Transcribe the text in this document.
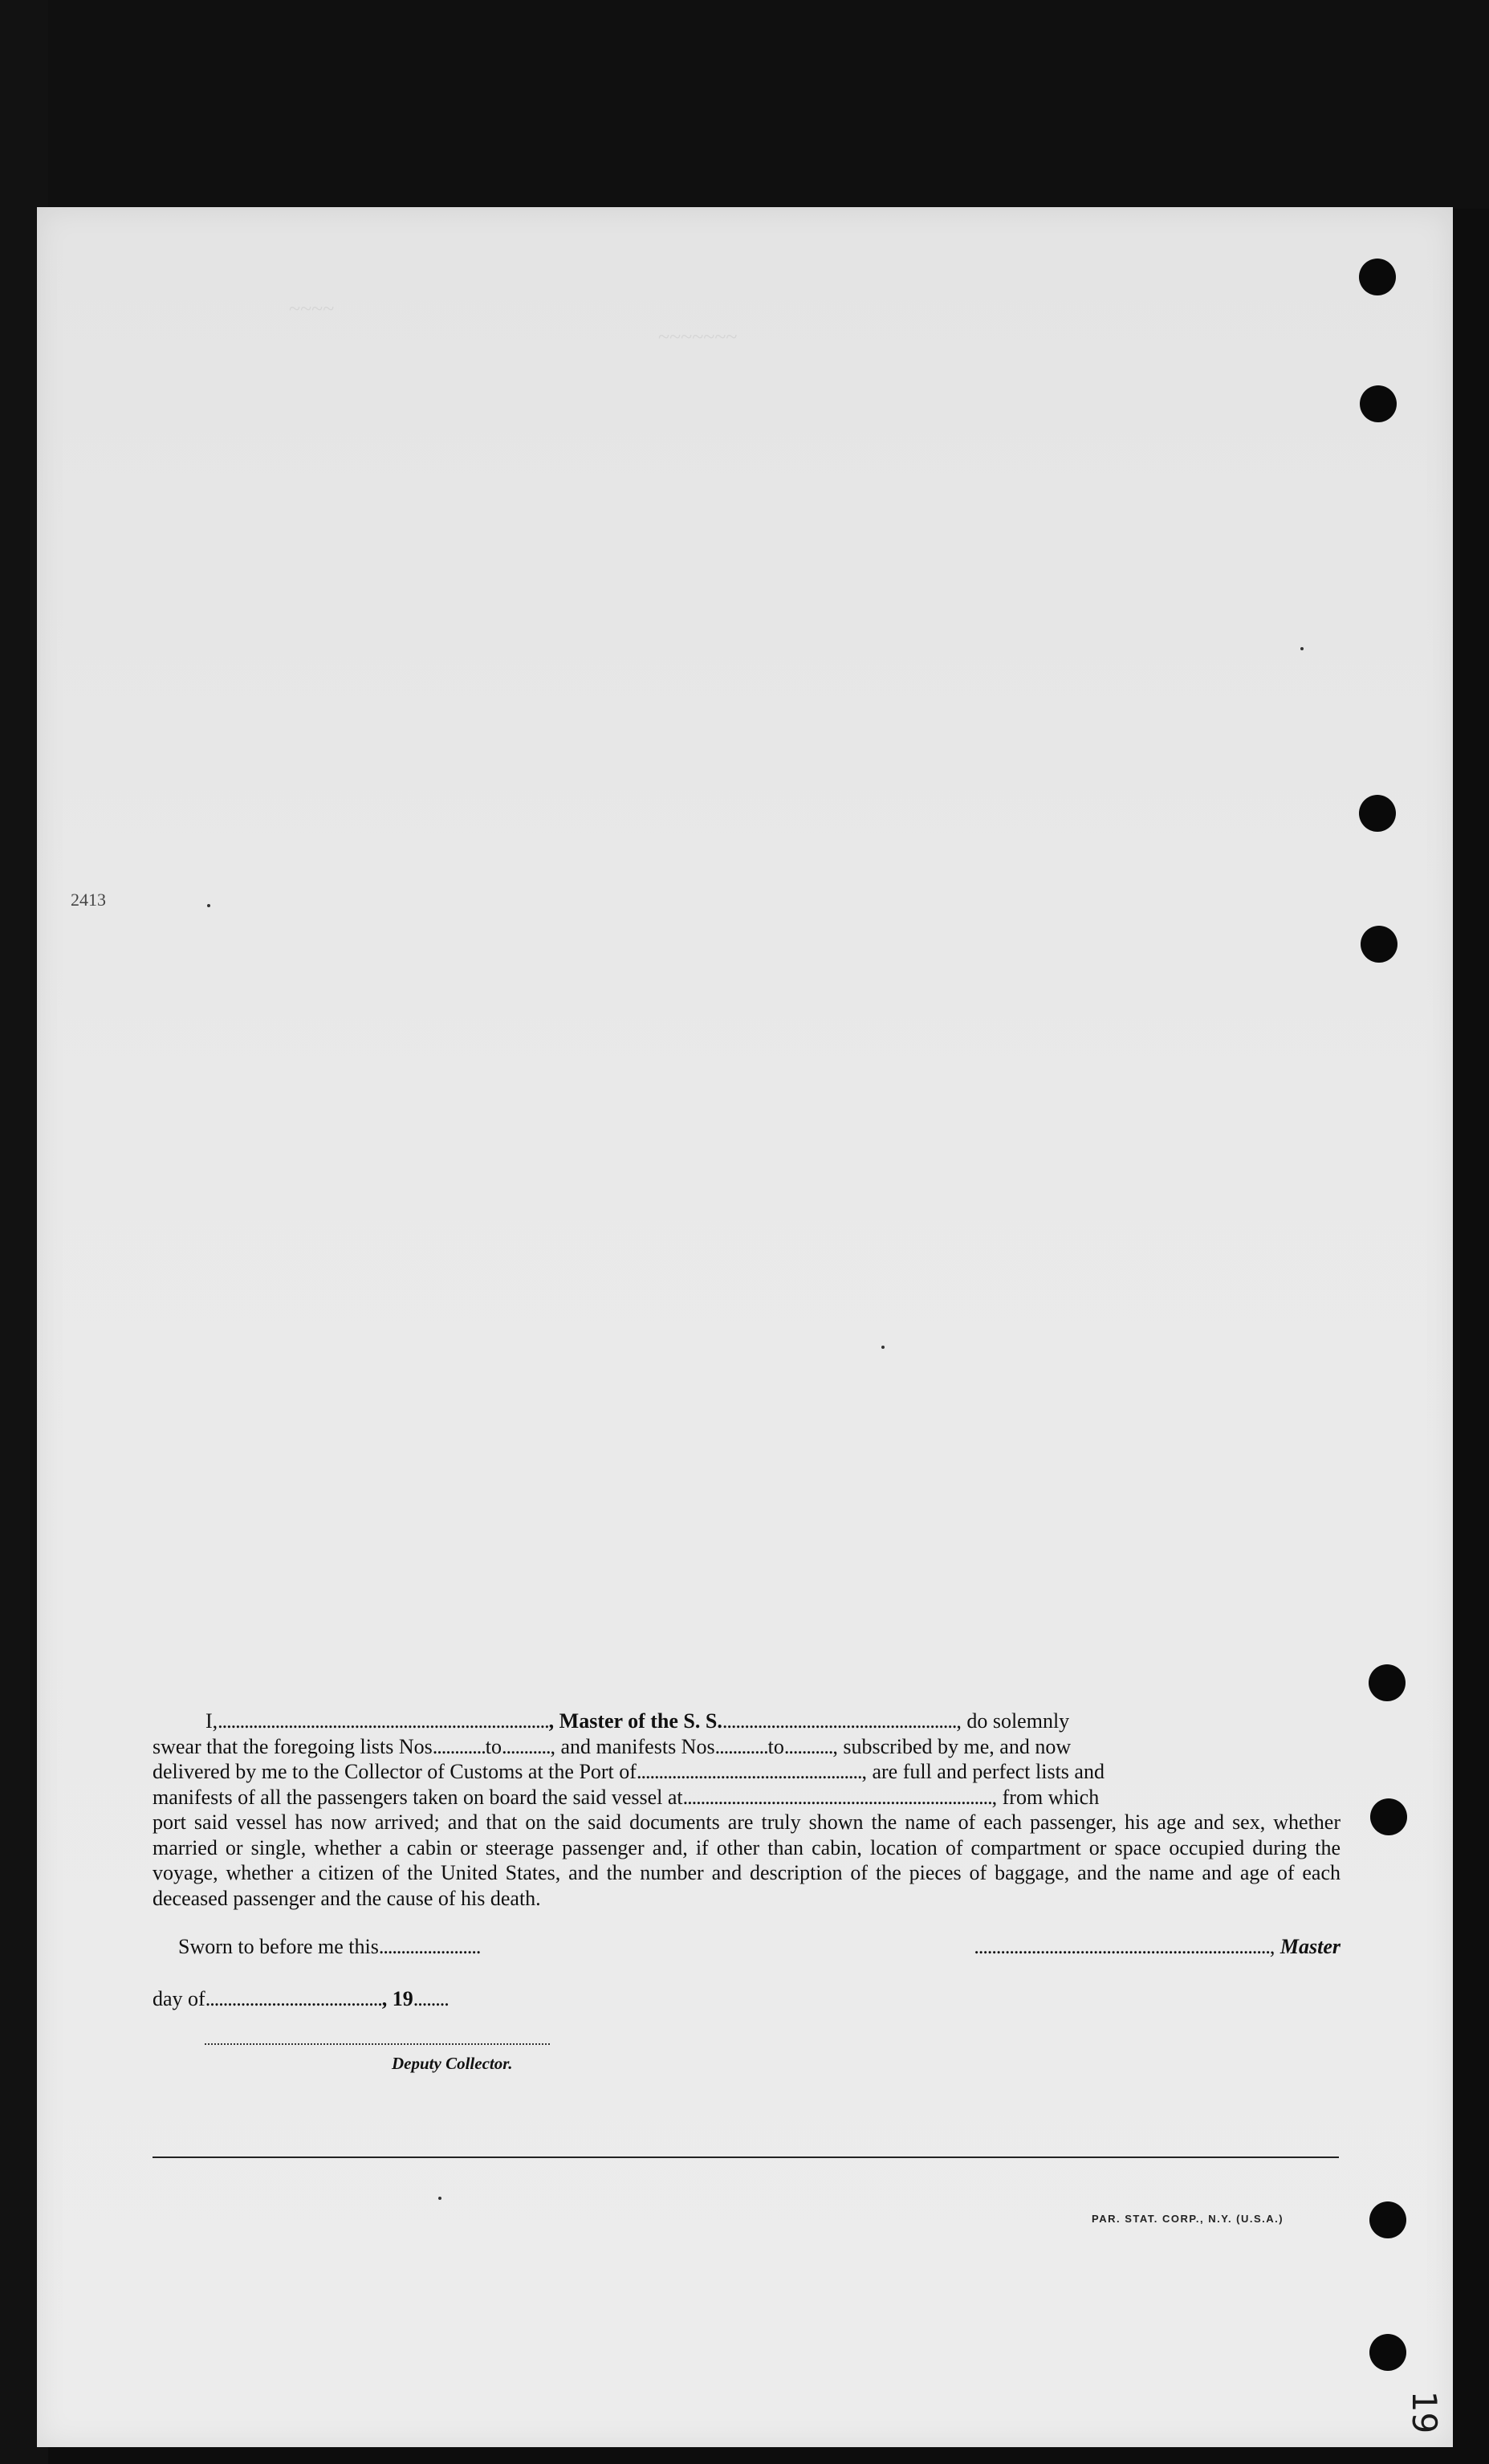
~~~~
~~~~~~~
2413

I,..........................................................................., Master of the S. S......................................................, do solemnly

swear that the foregoing lists Nos............to..........., and manifests Nos............to..........., subscribed by me, and now
delivered by me to the Collector of Customs at the Port of..................................................., are full and perfect lists and
manifests of all the passengers taken on board the said vessel at......................................................................, from which
port said vessel has now arrived; and that on the said documents are truly shown the name of each passenger, his age and sex, whether married or single, whether a cabin or steerage passenger and, if other than cabin, location of compartment or space occupied during the voyage, whether a citizen of the United States, and the number and description of the pieces of baggage, and the name and age of each deceased passenger and the cause of his death.
Sworn to before me this.......................	..................................................................., Master
day of........................................, 19........
Deputy Collector.
PAR. STAT. CORP., N.Y. (U.S.A.)
19
